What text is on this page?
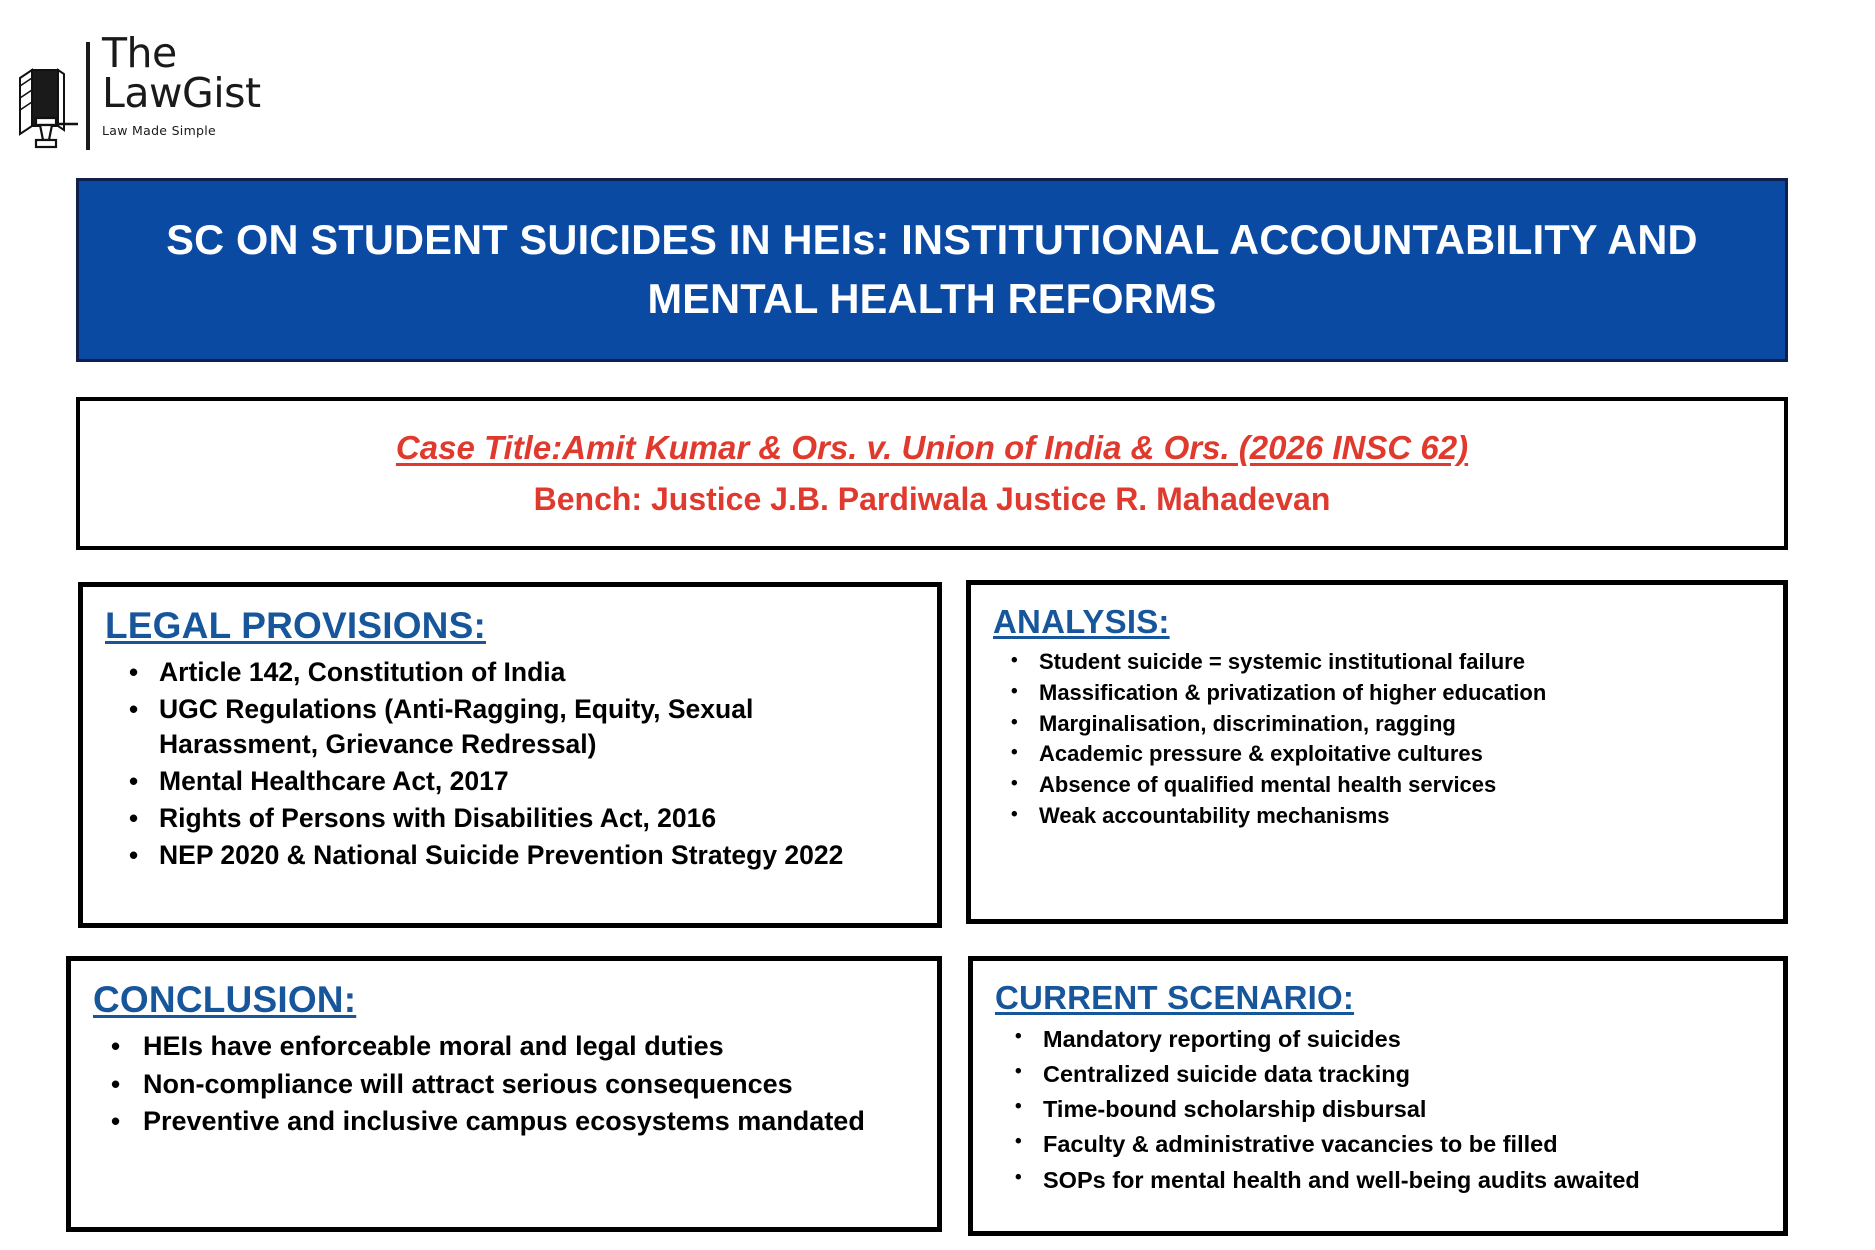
The
LawGist
Law Made Simple
SC ON STUDENT SUICIDES IN HEIs: INSTITUTIONAL ACCOUNTABILITY AND MENTAL HEALTH REFORMS
Case Title:Amit Kumar & Ors. v. Union of India & Ors. (2026 INSC 62)
Bench: Justice J.B. Pardiwala Justice R. Mahadevan
LEGAL PROVISIONS:
• Article 142, Constitution of India
• UGC Regulations (Anti-Ragging, Equity, Sexual Harassment, Grievance Redressal)
• Mental Healthcare Act, 2017
• Rights of Persons with Disabilities Act, 2016
• NEP 2020 & National Suicide Prevention Strategy 2022
ANALYSIS:
• Student suicide = systemic institutional failure
• Massification & privatization of higher education
• Marginalisation, discrimination, ragging
• Academic pressure & exploitative cultures
• Absence of qualified mental health services
• Weak accountability mechanisms
CONCLUSION:
• HEIs have enforceable moral and legal duties
• Non-compliance will attract serious consequences
• Preventive and inclusive campus ecosystems mandated
CURRENT SCENARIO:
• Mandatory reporting of suicides
• Centralized suicide data tracking
• Time-bound scholarship disbursal
• Faculty & administrative vacancies to be filled
• SOPs for mental health and well-being audits awaited
